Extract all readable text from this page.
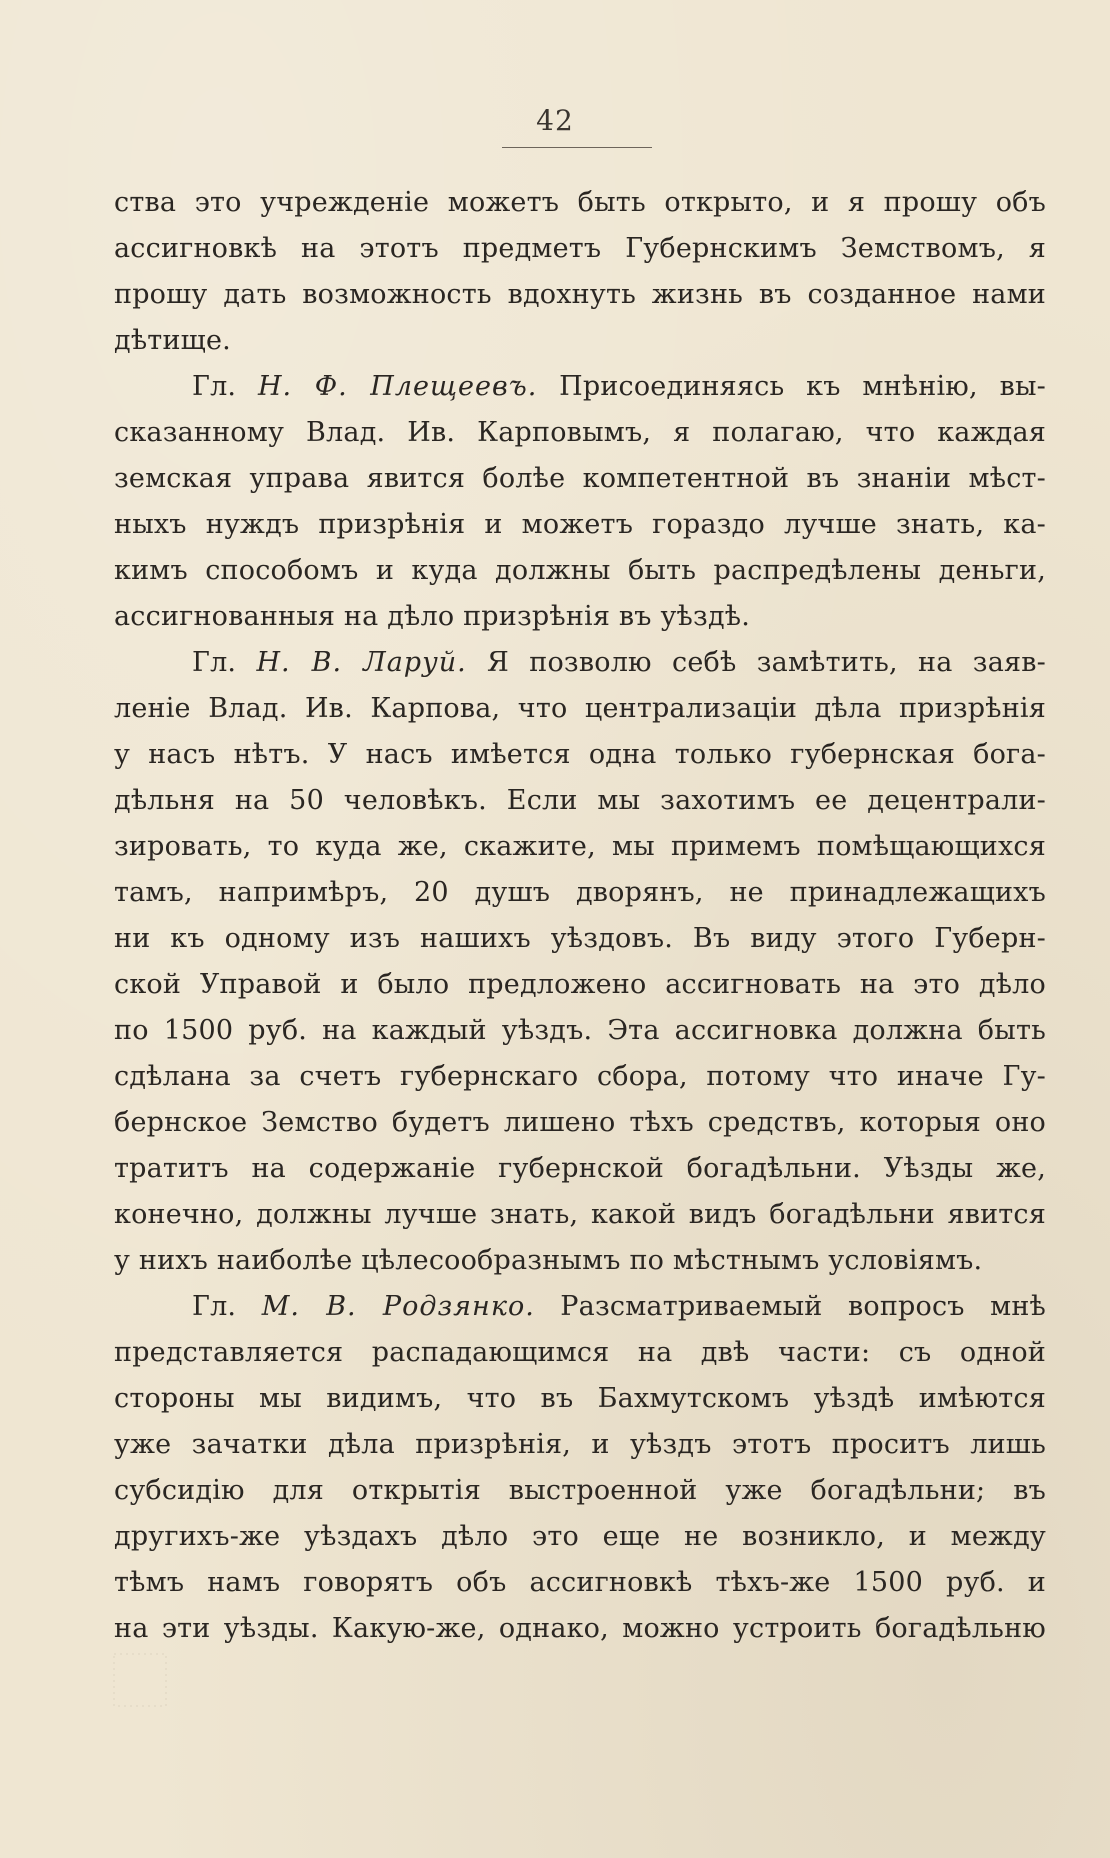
42
ства это учрежденіе можетъ быть открыто, и я прошу объ
ассигновкѣ на этотъ предметъ Губернскимъ Земствомъ, я
прошу дать возможность вдохнуть жизнь въ созданное нами
дѣтище.
Гл. Н. Ф. Плещеевъ. Присоединяясь къ мнѣнію, вы-
сказанному Влад. Ив. Карповымъ, я полагаю, что каждая
земская управа явится болѣе компетентной въ знаніи мѣст-
ныхъ нуждъ призрѣнія и можетъ гораздо лучше знать, ка-
кимъ способомъ и куда должны быть распредѣлены деньги,
ассигнованныя на дѣло призрѣнія въ уѣздѣ.
Гл. Н. В. Ларуй. Я позволю себѣ замѣтить, на заяв-
леніе Влад. Ив. Карпова, что централизаціи дѣла призрѣнія
у насъ нѣтъ. У насъ имѣется одна только губернская бога-
дѣльня на 50 человѣкъ. Если мы захотимъ ее децентрали-
зировать, то куда же, скажите, мы примемъ помѣщающихся
тамъ, напримѣръ, 20 душъ дворянъ, не принадлежащихъ
ни къ одному изъ нашихъ уѣздовъ. Въ виду этого Губерн-
ской Управой и было предложено ассигновать на это дѣло
по 1500 руб. на каждый уѣздъ. Эта ассигновка должна быть
сдѣлана за счетъ губернскаго сбора, потому что иначе Гу-
бернское Земство будетъ лишено тѣхъ средствъ, которыя оно
тратитъ на содержаніе губернской богадѣльни. Уѣзды же,
конечно, должны лучше знать, какой видъ богадѣльни явится
у нихъ наиболѣе цѣлесообразнымъ по мѣстнымъ условіямъ.
Гл. М. В. Родзянко. Разсматриваемый вопросъ мнѣ
представляется распадающимся на двѣ части: съ одной
стороны мы видимъ, что въ Бахмутскомъ уѣздѣ имѣются
уже зачатки дѣла призрѣнія, и уѣздъ этотъ проситъ лишь
субсидію для открытія выстроенной уже богадѣльни; въ
другихъ-же уѣздахъ дѣло это еще не возникло, и между
тѣмъ намъ говорятъ объ ассигновкѣ тѣхъ-же 1500 руб. и
на эти уѣзды. Какую-же, однако, можно устроить богадѣльню
